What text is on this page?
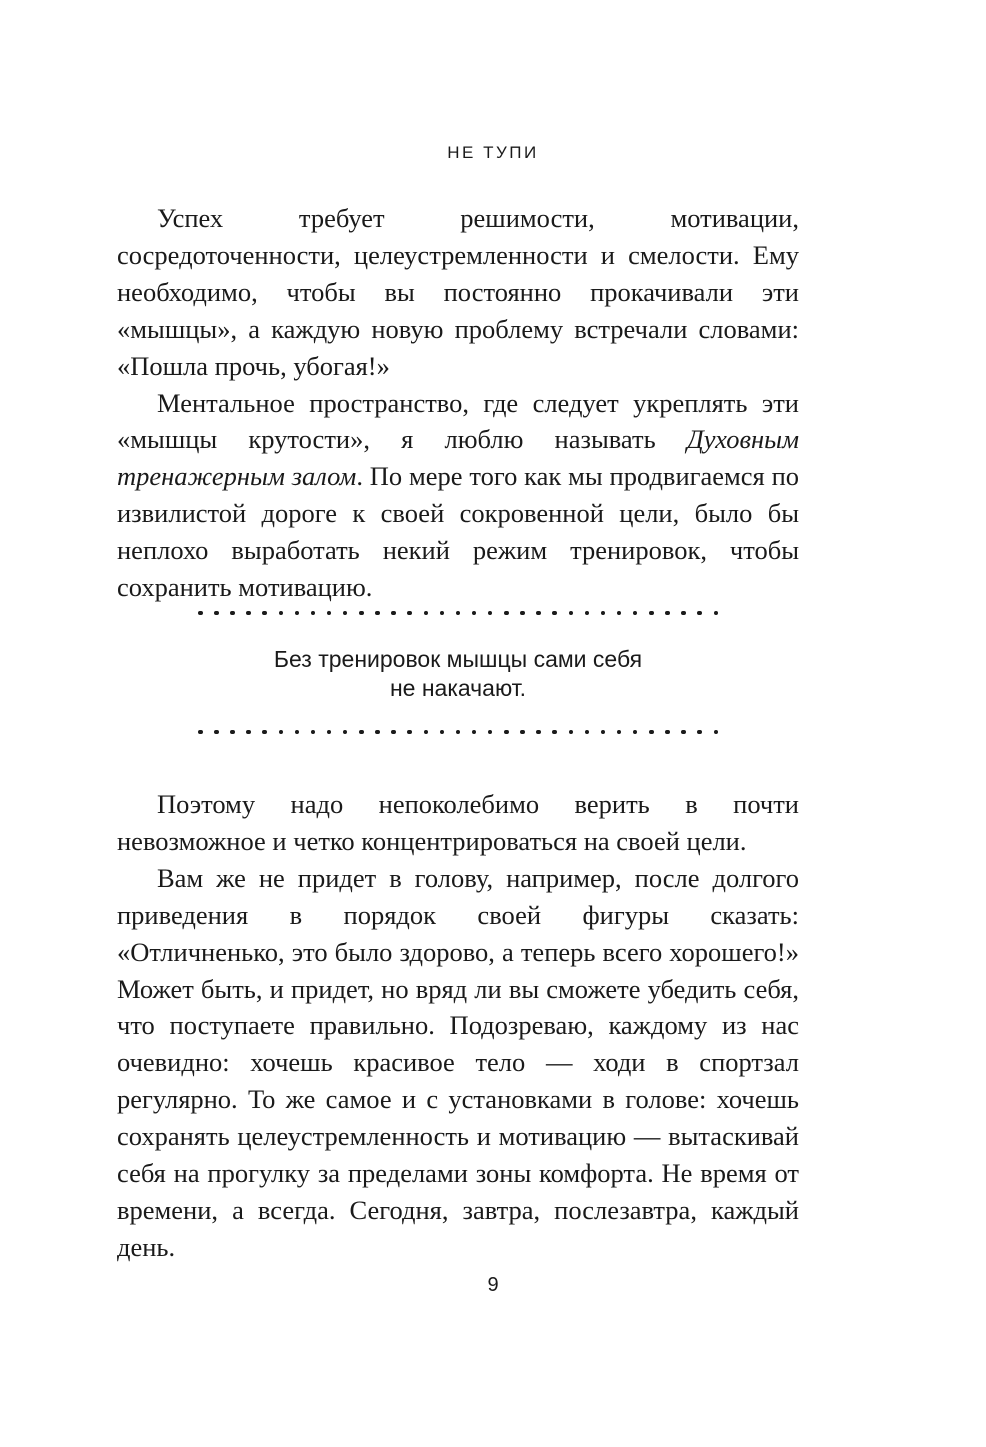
НЕ ТУПИ

Успех требует решимости, мотивации, сосредоточенности, целеустремленности и смелости. Ему необходимо, чтобы вы постоянно прокачивали эти «мышцы», а каждую новую проблему встречали словами: «Пошла прочь, убогая!»

Ментальное пространство, где следует укреплять эти «мышцы крутости», я люблю называть Духовным тренажерным залом. По мере того как мы продвигаемся по извилистой дороге к своей сокровенной цели, было бы неплохо выработать некий режим тренировок, чтобы сохранить мотивацию.

Без тренировок мышцы сами себя
не накачают.

Поэтому надо непоколебимо верить в почти невозможное и четко концентрироваться на своей цели.

Вам же не придет в голову, например, после долгого приведения в порядок своей фигуры сказать: «Отличненько, это было здорово, а теперь всего хорошего!» Может быть, и придет, но вряд ли вы сможете убедить себя, что поступаете правильно. Подозреваю, каждому из нас очевидно: хочешь красивое тело — ходи в спортзал регулярно. То же самое и с установками в голове: хочешь сохранять целеустремленность и мотивацию — вытаскивай себя на прогулку за пределами зоны комфорта. Не время от времени, а всегда. Сегодня, завтра, послезавтра, каждый день.

9
